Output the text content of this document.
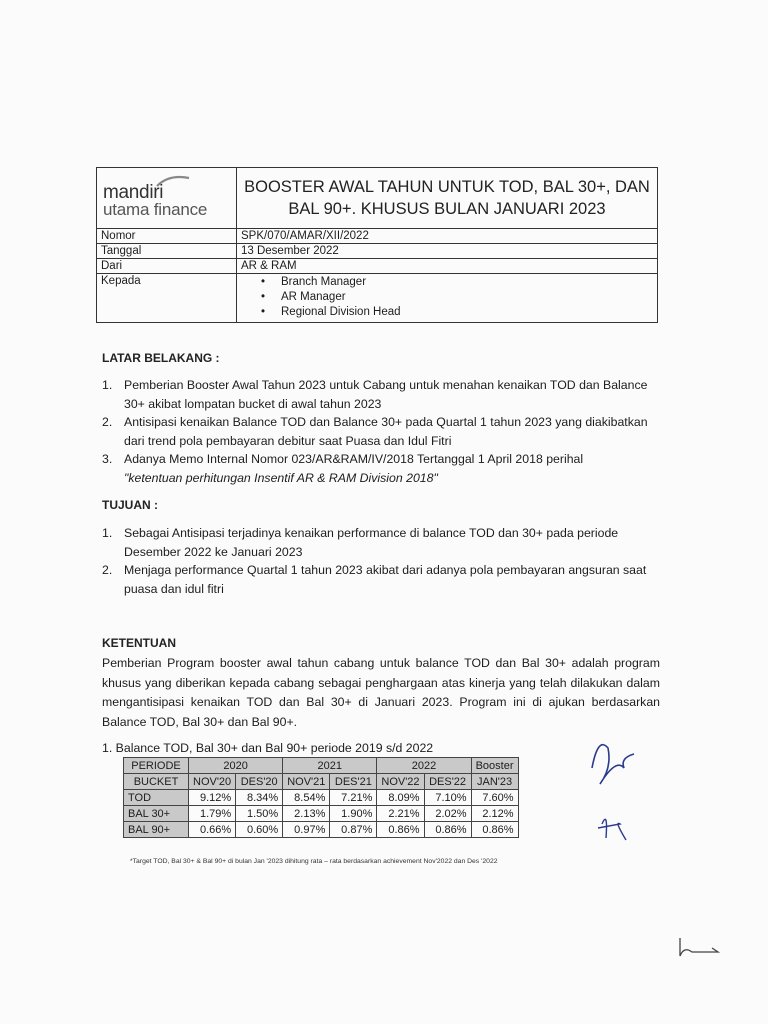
mandiri
utama finance
BOOSTER AWAL TAHUN UNTUK TOD, BAL 30+, DAN BAL 90+. KHUSUS BULAN JANUARI 2023
Nomor	SPK/070/AMAR/XII/2022
Tanggal	13 Desember 2022
Dari	AR & RAM
Kepada	• Branch Manager
• AR Manager
• Regional Division Head
LATAR BELAKANG :
1. Pemberian Booster Awal Tahun 2023 untuk Cabang untuk menahan kenaikan TOD dan Balance 30+ akibat lompatan bucket di awal tahun 2023
2. Antisipasi kenaikan Balance TOD dan Balance 30+ pada Quartal 1 tahun 2023 yang diakibatkan dari trend pola pembayaran debitur saat Puasa dan Idul Fitri
3. Adanya Memo Internal Nomor 023/AR&RAM/IV/2018 Tertanggal 1 April 2018 perihal
"ketentuan perhitungan Insentif AR & RAM Division 2018"
TUJUAN :
1. Sebagai Antisipasi terjadinya kenaikan performance di balance TOD dan 30+ pada periode Desember 2022 ke Januari 2023
2. Menjaga performance Quartal 1 tahun 2023 akibat dari adanya pola pembayaran angsuran saat puasa dan idul fitri
KETENTUAN
Pemberian Program booster awal tahun cabang untuk balance TOD dan Bal 30+ adalah program khusus yang diberikan kepada cabang sebagai penghargaan atas kinerja yang telah dilakukan dalam mengantisipasi kenaikan TOD dan Bal 30+ di Januari 2023. Program ini di ajukan berdasarkan Balance TOD, Bal 30+ dan Bal 90+.
1. Balance TOD, Bal 30+ dan Bal 90+ periode 2019 s/d 2022
PERIODE	2020		2021		2022		Booster
BUCKET	NOV'20	DES'20	NOV'21	DES'21	NOV'22	DES'22	JAN'23
TOD	9.12%	8.34%	8.54%	7.21%	8.09%	7.10%	7.60%
BAL 30+	1.79%	1.50%	2.13%	1.90%	2.21%	2.02%	2.12%
BAL 90+	0.66%	0.60%	0.97%	0.87%	0.86%	0.86%	0.86%
*Target TOD, Bal 30+ & Bal 90+ di bulan Jan '2023 dihitung rata – rata berdasarkan achievement Nov'2022 dan Des '2022
